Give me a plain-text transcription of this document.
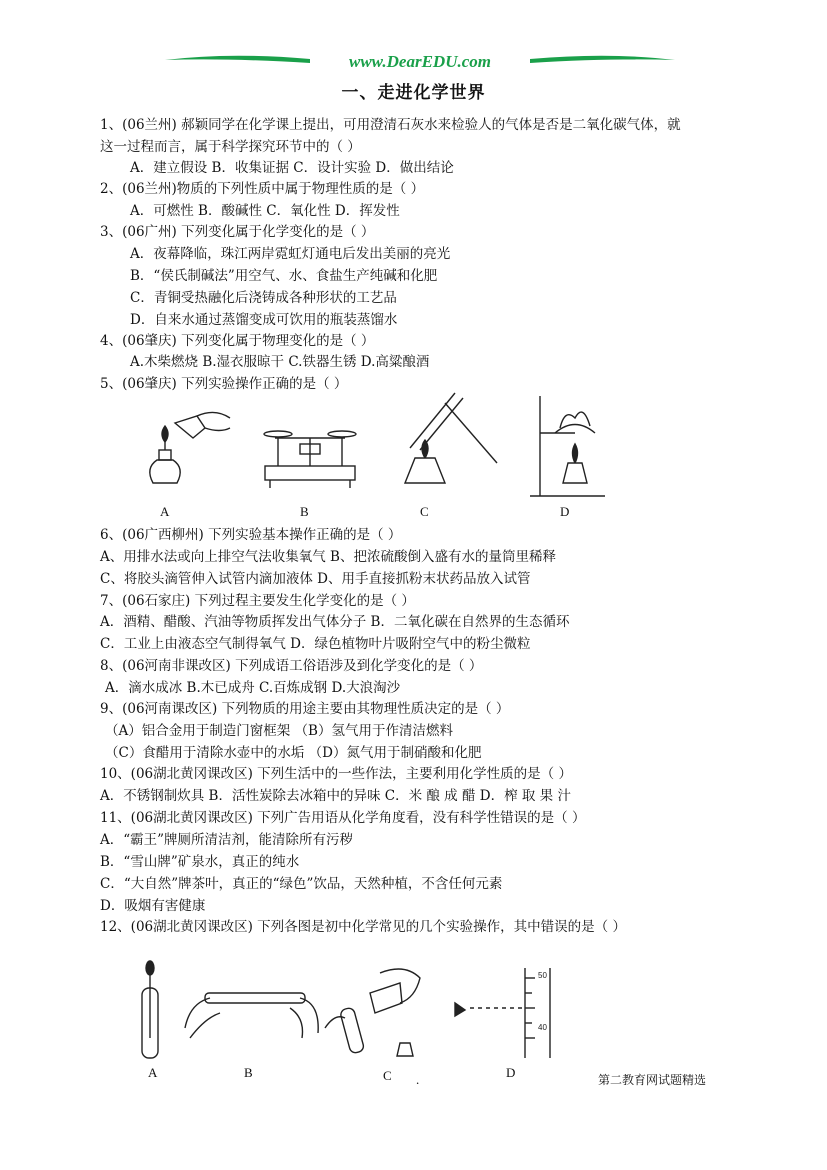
www.DearEDU.com
一、走进化学世界
1、(06兰州) 郝颖同学在化学课上提出，可用澄清石灰水来检验人的气体是否是二氧化碳气体，就
这一过程而言，属于科学探究环节中的（ ）
A．建立假设 B．收集证据 C．设计实验 D．做出结论
2、(06兰州)物质的下列性质中属于物理性质的是（ ）
A．可燃性 B．酸碱性 C．氧化性 D．挥发性
3、(06广州) 下列变化属于化学变化的是（ ）
A．夜幕降临，珠江两岸霓虹灯通电后发出美丽的亮光
B．“侯氏制碱法”用空气、水、食盐生产纯碱和化肥
C．青铜受热融化后浇铸成各种形状的工艺品
D．自来水通过蒸馏变成可饮用的瓶装蒸馏水
4、(06肇庆) 下列变化属于物理变化的是（ ）
A.木柴燃烧 B.湿衣服晾干 C.铁器生锈 D.高粱酿酒
5、(06肇庆) 下列实验操作正确的是（ ）
6、(06广西柳州) 下列实验基本操作正确的是（ ）
A、用排水法或向上排空气法收集氧气 B、把浓硫酸倒入盛有水的量筒里稀释
C、将胶头滴管伸入试管内滴加液体 D、用手直接抓粉末状药品放入试管
7、(06石家庄) 下列过程主要发生化学变化的是（ ）
A．酒精、醋酸、汽油等物质挥发出气体分子 B．二氧化碳在自然界的生态循环
C．工业上由液态空气制得氧气 D．绿色植物叶片吸附空气中的粉尘微粒
8、(06河南非课改区) 下列成语工俗语涉及到化学变化的是（ ）
A．滴水成冰 B.木已成舟 C.百炼成钢 D.大浪淘沙
9、(06河南课改区) 下列物质的用途主要由其物理性质决定的是（ ）
（A）铝合金用于制造门窗框架 （B）氢气用于作清洁燃料
（C）食醋用于清除水壶中的水垢 （D）氮气用于制硝酸和化肥
10、(06湖北黄冈课改区) 下列生活中的一些作法，主要利用化学性质的是（ ）
A．不锈钢制炊具 B．活性炭除去冰箱中的异味 C．米 酿 成 醋 D．榨 取 果 汁
11、(06湖北黄冈课改区) 下列广告用语从化学角度看，没有科学性错误的是（ ）
A．“霸王”牌厕所清洁剂，能清除所有污秽
B．“雪山牌”矿泉水，真正的纯水
C．“大自然”牌茶叶，真正的“绿色”饮品，天然种植，不含任何元素
D．吸烟有害健康
12、(06湖北黄冈课改区) 下列各图是初中化学常见的几个实验操作，其中错误的是（ ）
A	B	C	D
50
40
A	B	C	D	第二教育网试题精选
.
